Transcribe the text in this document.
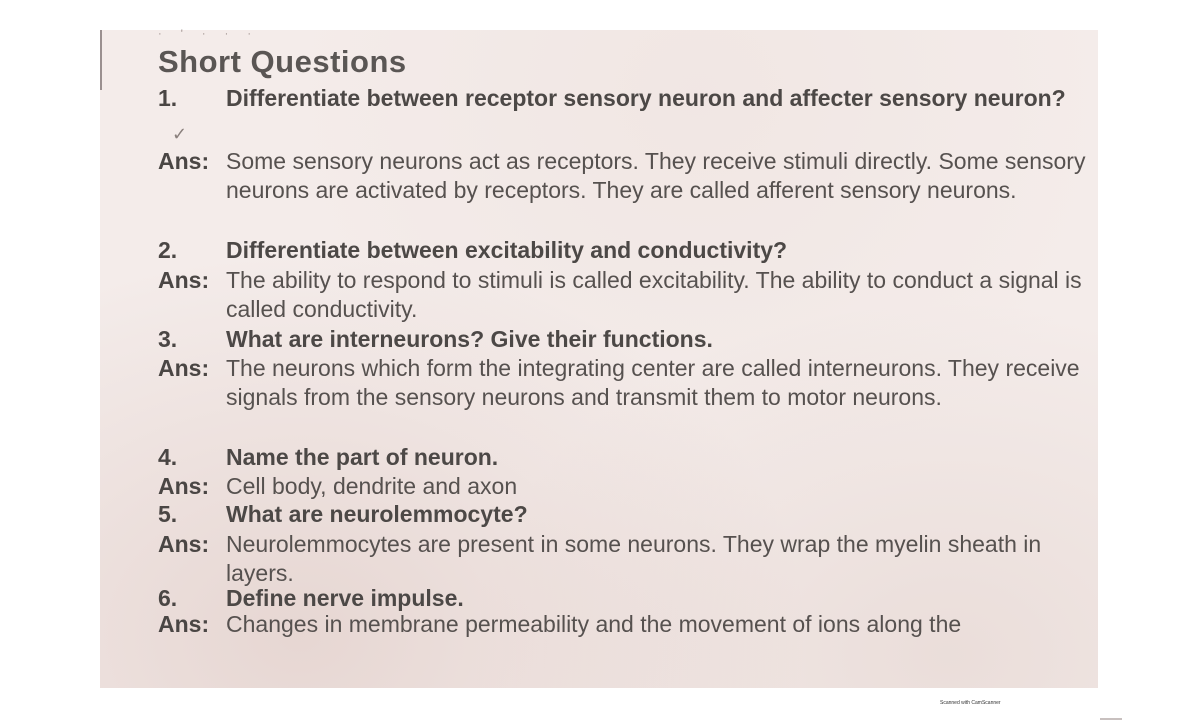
· ' · · ·
Short Questions
✓

1.	Differentiate between receptor sensory neuron and affecter sensory neuron?

Ans: Some sensory neurons act as receptors. They receive stimuli directly. Some sensory neurons are activated by receptors. They are called afferent sensory neurons.

2.	Differentiate between excitability and conductivity?

Ans: The ability to respond to stimuli is called excitability. The ability to conduct a signal is called conductivity.

3.	What are interneurons? Give their functions.

Ans: The neurons which form the integrating center are called interneurons. They receive signals from the sensory neurons and transmit them to motor neurons.

4.	Name the part of neuron.

Ans: Cell body, dendrite and axon

5.	What are neurolemmocyte?

Ans: Neurolemmocytes are present in some neurons. They wrap the myelin sheath in layers.

6.	Define nerve impulse.

Ans: Changes in membrane permeability and the movement of ions along the

Scanned with CamScanner
